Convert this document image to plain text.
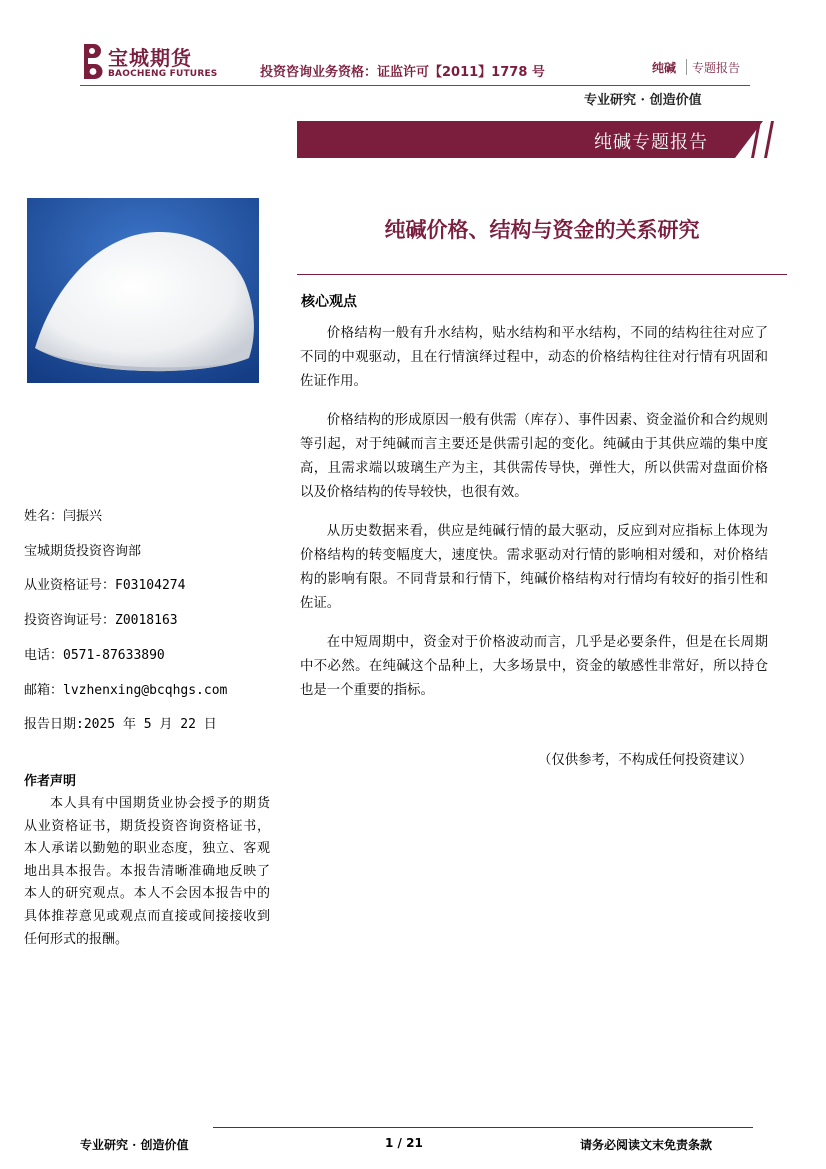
宝城期货
BAOCHENG FUTURES	投资咨询业务资格：证监许可【2011】1778 号	纯碱 专题报告
专业研究 · 创造价值
纯碱专题报告
纯碱价格、结构与资金的关系研究
核心观点

价格结构一般有升水结构，贴水结构和平水结构，不同的结构往往对应了不同的中观驱动，且在行情演绎过程中，动态的价格结构往往对行情有巩固和佐证作用。

价格结构的形成原因一般有供需（库存）、事件因素、资金溢价和合约规则等引起，对于纯碱而言主要还是供需引起的变化。纯碱由于其供应端的集中度高，且需求端以玻璃生产为主，其供需传导快，弹性大，所以供需对盘面价格以及价格结构的传导较快，也很有效。

从历史数据来看，供应是纯碱行情的最大驱动，反应到对应指标上体现为价格结构的转变幅度大，速度快。需求驱动对行情的影响相对缓和，对价格结构的影响有限。不同背景和行情下，纯碱价格结构对行情均有较好的指引性和佐证。

在中短周期中，资金对于价格波动而言，几乎是必要条件，但是在长周期中不必然。在纯碱这个品种上，大多场景中，资金的敏感性非常好，所以持仓也是一个重要的指标。

（仅供参考，不构成任何投资建议）
姓名：闫振兴
宝城期货投资咨询部
从业资格证号：F03104274
投资咨询证号：Z0018163
电话：0571-87633890
邮箱：lvzhenxing@bcqhgs.com
报告日期:2025 年 5 月 22 日
作者声明
本人具有中国期货业协会授予的期货从业资格证书，期货投资咨询资格证书，本人承诺以勤勉的职业态度，独立、客观地出具本报告。本报告清晰准确地反映了本人的研究观点。本人不会因本报告中的具体推荐意见或观点而直接或间接接收到任何形式的报酬。
专业研究 · 创造价值	1 / 21	请务必阅读文末免责条款
